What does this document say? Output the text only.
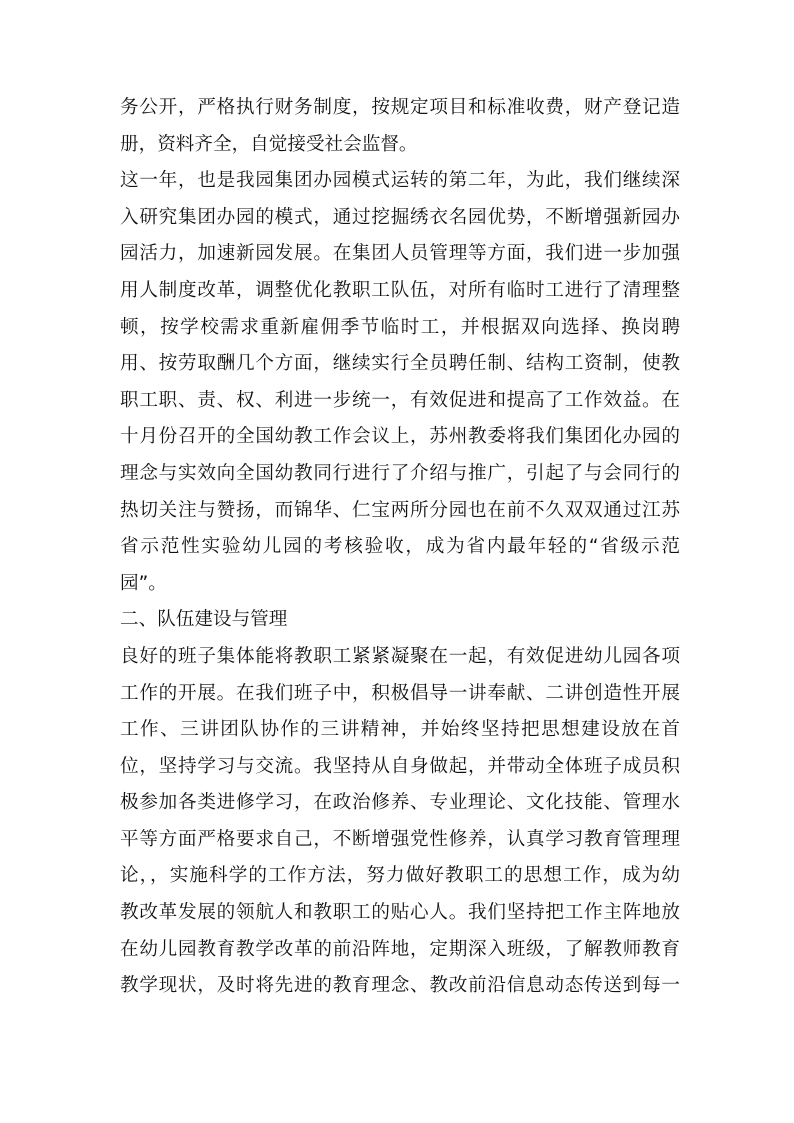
务公开，严格执行财务制度，按规定项目和标准收费，财产登记造
册，资料齐全，自觉接受社会监督。
这一年，也是我园集团办园模式运转的第二年，为此，我们继续深
入研究集团办园的模式，通过挖掘绣衣名园优势，不断增强新园办
园活力，加速新园发展。在集团人员管理等方面，我们进一步加强
用人制度改革，调整优化教职工队伍，对所有临时工进行了清理整
顿，按学校需求重新雇佣季节临时工，并根据双向选择、换岗聘
用、按劳取酬几个方面，继续实行全员聘任制、结构工资制，使教
职工职、责、权、利进一步统一，有效促进和提高了工作效益。在
十月份召开的全国幼教工作会议上，苏州教委将我们集团化办园的
理念与实效向全国幼教同行进行了介绍与推广，引起了与会同行的
热切关注与赞扬，而锦华、仁宝两所分园也在前不久双双通过江苏
省示范性实验幼儿园的考核验收，成为省内最年轻的“省级示范
园”。
二、队伍建设与管理
良好的班子集体能将教职工紧紧凝聚在一起，有效促进幼儿园各项
工作的开展。在我们班子中，积极倡导一讲奉献、二讲创造性开展
工作、三讲团队协作的三讲精神，并始终坚持把思想建设放在首
位，坚持学习与交流。我坚持从自身做起，并带动全体班子成员积
极参加各类进修学习，在政治修养、专业理论、文化技能、管理水
平等方面严格要求自己，不断增强党性修养，认真学习教育管理理
论，，实施科学的工作方法，努力做好教职工的思想工作，成为幼
教改革发展的领航人和教职工的贴心人。我们坚持把工作主阵地放
在幼儿园教育教学改革的前沿阵地，定期深入班级，了解教师教育
教学现状，及时将先进的教育理念、教改前沿信息动态传送到每一
